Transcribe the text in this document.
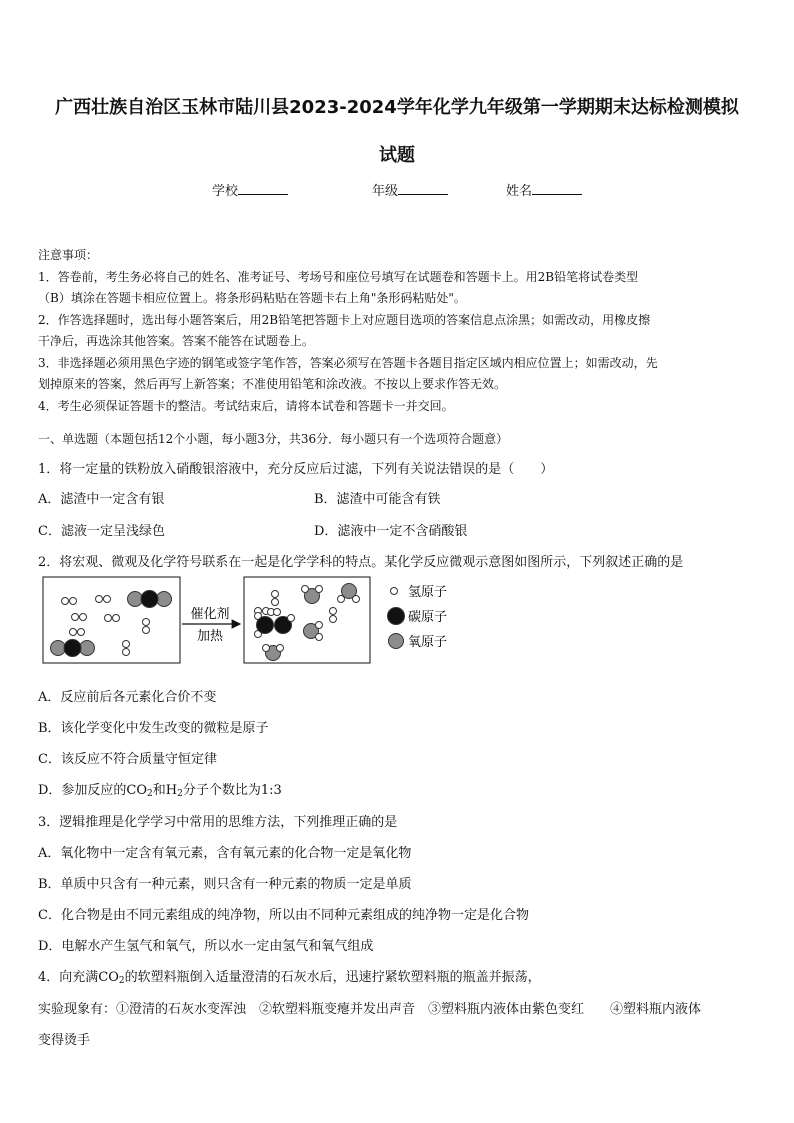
广西壮族自治区玉林市陆川县2023-2024学年化学九年级第一学期期末达标检测模拟
试题
学校	年级	姓名

注意事项：

1．答卷前，考生务必将自己的姓名、准考证号、考场号和座位号填写在试题卷和答题卡上。用2B铅笔将试卷类型

（B）填涂在答题卡相应位置上。将条形码粘贴在答题卡右上角"条形码粘贴处"。

2．作答选择题时，选出每小题答案后，用2B铅笔把答题卡上对应题目选项的答案信息点涂黑；如需改动，用橡皮擦

干净后，再选涂其他答案。答案不能答在试题卷上。

3．非选择题必须用黑色字迹的钢笔或签字笔作答，答案必须写在答题卡各题目指定区域内相应位置上；如需改动，先

划掉原来的答案，然后再写上新答案；不准使用铅笔和涂改液。不按以上要求作答无效。

4．考生必须保证答题卡的整洁。考试结束后，请将本试卷和答题卡一并交回。

一、单选题（本题包括12个小题，每小题3分，共36分．每小题只有一个选项符合题意）
1．将一定量的铁粉放入硝酸银溶液中，充分反应后过滤，下列有关说法错误的是（　　）
A．滤渣中一定含有银	B．滤渣中可能含有铁
C．滤液一定呈浅绿色	D．滤液中一定不含硝酸银
2．将宏观、微观及化学符号联系在一起是化学学科的特点。某化学反应微观示意图如图所示，下列叙述正确的是
催化剂
加热
氢原子
碳原子
氧原子
A．反应前后各元素化合价不变
B．该化学变化中发生改变的微粒是原子
C．该反应不符合质量守恒定律
D．参加反应的$CO_2$和$H_2$分子个数比为1:3
3．逻辑推理是化学学习中常用的思维方法，下列推理正确的是
A．氧化物中一定含有氧元素，含有氧元素的化合物一定是氧化物
B．单质中只含有一种元素，则只含有一种元素的物质一定是单质
C．化合物是由不同元素组成的纯净物，所以由不同种元素组成的纯净物一定是化合物
D．电解水产生氢气和氧气，所以水一定由氢气和氧气组成
4．向充满$CO_2$的软塑料瓶倒入适量澄清的石灰水后，迅速拧紧软塑料瓶的瓶盖并振荡，
实验现象有：①澄清的石灰水变浑浊　②软塑料瓶变瘪并发出声音　③塑料瓶内液体由紫色变红　　④塑料瓶内液体
变得烫手
